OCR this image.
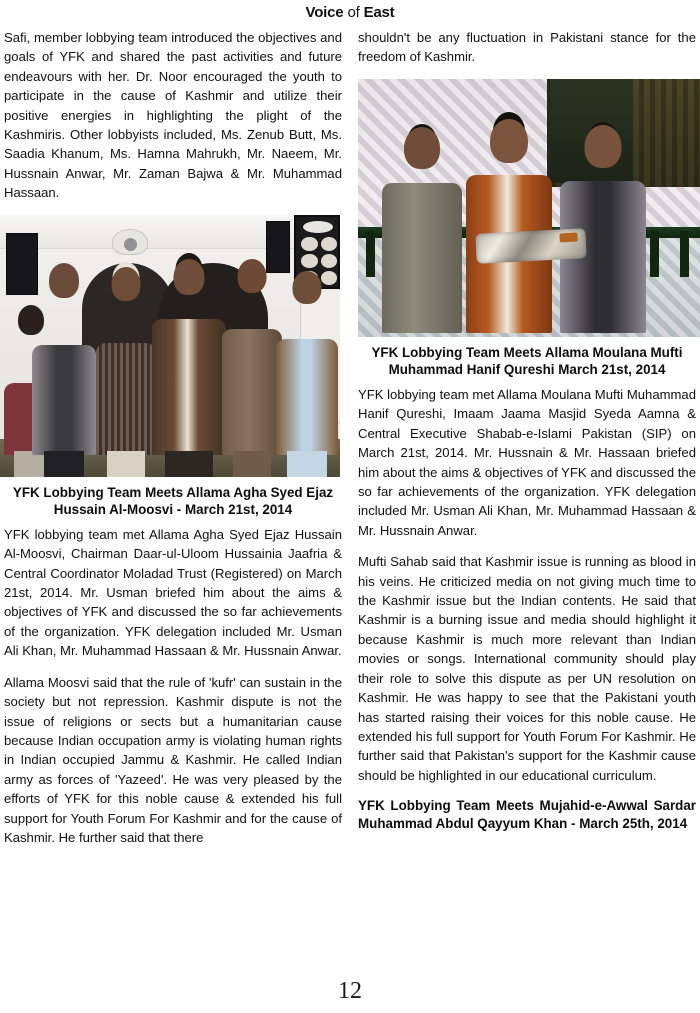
Voice of East

Safi, member lobbying team introduced the objectives and goals of YFK and shared the past activities and future endeavours with her. Dr. Noor encouraged the youth to participate in the cause of Kashmir and utilize their positive energies in highlighting the plight of the Kashmiris. Other lobbyists included, Ms. Zenub Butt, Ms. Saadia Khanum, Ms. Hamna Mahrukh, Mr. Naeem, Mr. Hussnain Anwar, Mr. Zaman Bajwa & Mr. Muhammad Hassaan.

YFK Lobbying Team Meets Allama Agha Syed Ejaz Hussain Al-Moosvi - March 21st, 2014

YFK lobbying team met Allama Agha Syed Ejaz Hussain Al-Moosvi, Chairman Daar-ul-Uloom Hussainia Jaafria & Central Coordinator Moladad Trust (Registered) on March 21st, 2014. Mr. Usman briefed him about the aims & objectives of YFK and discussed the so far achievements of the organization. YFK delegation included Mr. Usman Ali Khan, Mr. Muhammad Hassaan & Mr. Hussnain Anwar.

Allama Moosvi said that the rule of 'kufr' can sustain in the society but not repression. Kashmir dispute is not the issue of religions or sects but a humanitarian cause because Indian occupation army is violating human rights in Indian occupied Jammu & Kashmir. He called Indian army as forces of 'Yazeed'. He was very pleased by the efforts of YFK for this noble cause & extended his full support for Youth Forum For Kashmir and for the cause of Kashmir. He further said that there

shouldn't be any fluctuation in Pakistani stance for the freedom of Kashmir.

YFK Lobbying Team Meets Allama Moulana Mufti Muhammad Hanif Qureshi March 21st, 2014

YFK lobbying team met Allama Moulana Mufti Muhammad Hanif Qureshi, Imaam Jaama Masjid Syeda Aamna & Central Executive Shabab-e-Islami Pakistan (SIP) on March 21st, 2014. Mr. Hussnain & Mr. Hassaan briefed him about the aims & objectives of YFK and discussed the so far achievements of the organization. YFK delegation included Mr. Usman Ali Khan, Mr. Muhammad Hassaan & Mr. Hussnain Anwar.

Mufti Sahab said that Kashmir issue is running as blood in his veins. He criticized media on not giving much time to the Kashmir issue but the Indian contents. He said that Kashmir is a burning issue and media should highlight it because Kashmir is much more relevant than Indian movies or songs. International community should play their role to solve this dispute as per UN resolution on Kashmir. He was happy to see that the Pakistani youth has started raising their voices for this noble cause. He extended his full support for Youth Forum For Kashmir. He further said that Pakistan's support for the Kashmir cause should be highlighted in our educational curriculum.

YFK Lobbying Team Meets Mujahid-e-Awwal Sardar Muhammad Abdul Qayyum Khan - March 25th, 2014
12
